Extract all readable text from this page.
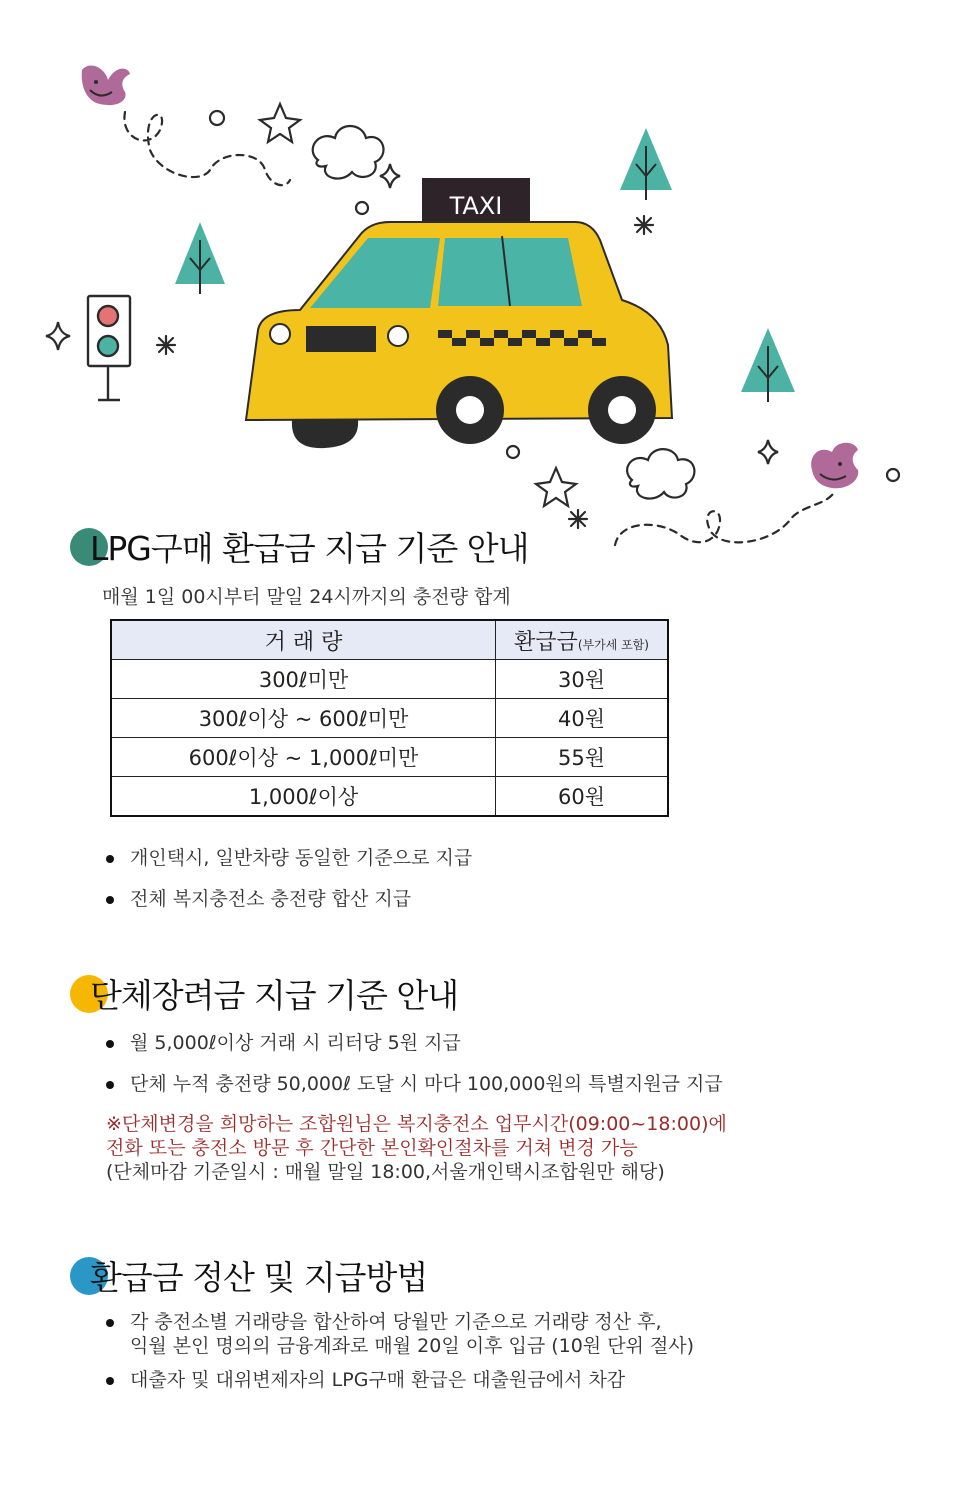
TAXI
LPG구매 환급금 지급 기준 안내
매월 1일 00시부터 말일 24시까지의 충전량 합계
거 래 량	환급금(부가세 포함)
300ℓ미만	30원
300ℓ이상 ~ 600ℓ미만	40원
600ℓ이상 ~ 1,000ℓ미만	55원
1,000ℓ이상	60원
개인택시, 일반차량 동일한 기준으로 지급
전체 복지충전소 충전량 합산 지급
단체장려금 지급 기준 안내
월 5,000ℓ이상 거래 시 리터당 5원 지급
단체 누적 충전량 50,000ℓ 도달 시 마다 100,000원의 특별지원금 지급
※단체변경을 희망하는 조합원님은 복지충전소 업무시간(09:00~18:00)에
전화 또는 충전소 방문 후 간단한 본인확인절차를 거쳐 변경 가능
(단체마감 기준일시 : 매월 말일 18:00,서울개인택시조합원만 해당)
환급금 정산 및 지급방법
각 충전소별 거래량을 합산하여 당월만 기준으로 거래량 정산 후,
익월 본인 명의의 금융계좌로 매월 20일 이후 입금 (10원 단위 절사)
대출자 및 대위변제자의 LPG구매 환급은 대출원금에서 차감
